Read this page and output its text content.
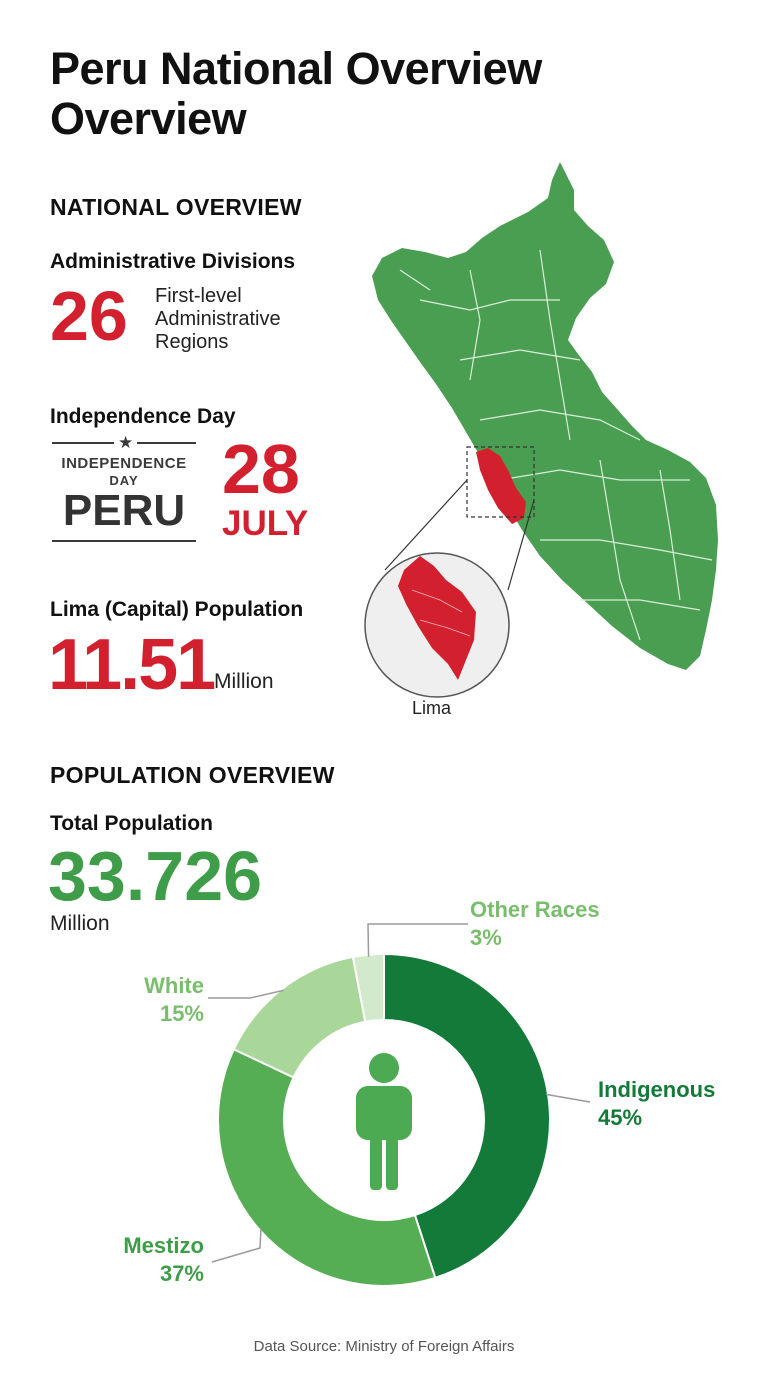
Peru National Overview
Overview
NATIONAL OVERVIEW
Administrative Divisions
26 First-level
Administrative
Regions
Independence Day
★
INDEPENDENCE
DAY
PERU
28
JULY
Lima (Capital) Population
11.51 Million
Lima
POPULATION OVERVIEW
Total Population
33.726
Million
Indigenous
45%
Mestizo
37%
White
15%
Other Races
3%
Data Source: Ministry of Foreign Affairs
